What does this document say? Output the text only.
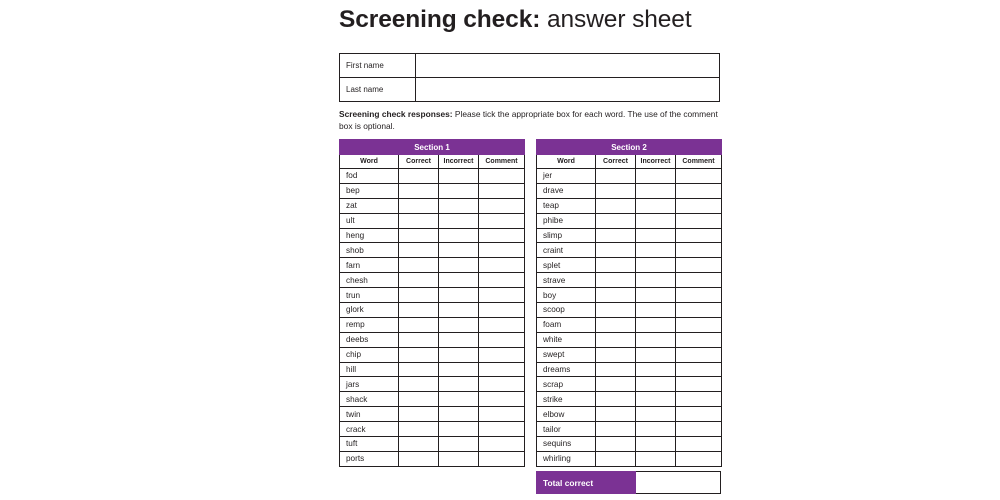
Screening check: answer sheet
First name	
Last name	
Screening check responses: Please tick the appropriate box for each word. The use of the comment box is optional.
Section 1			
Word	Correct	Incorrect	Comment
fod			
bep			
zat			
ult			
heng			
shob			
farn			
chesh			
trun			
glork			
remp			
deebs			
chip			
hill			
jars			
shack			
twin			
crack			
tuft			
ports			
Section 2			
Word	Correct	Incorrect	Comment
jer			
drave			
teap			
phibe			
slimp			
craint			
splet			
strave			
boy			
scoop			
foam			
white			
swept			
dreams			
scrap			
strike			
elbow			
tailor			
sequins			
whirling			
Total correct	
